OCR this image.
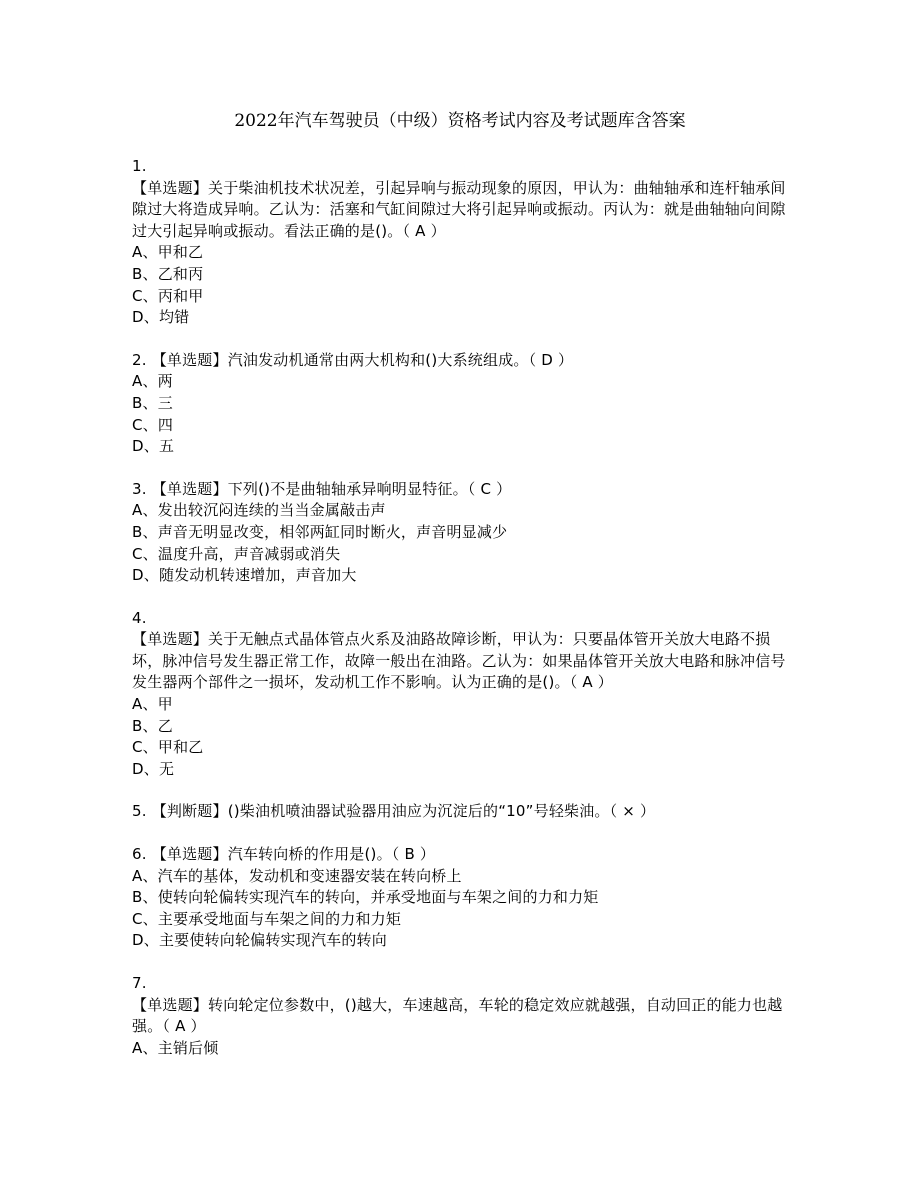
2022年汽车驾驶员（中级）资格考试内容及考试题库含答案
1.
【单选题】关于柴油机技术状况差，引起异响与振动现象的原因，甲认为：曲轴轴承和连杆轴承间隙过大将造成异响。乙认为：活塞和气缸间隙过大将引起异响或振动。丙认为：就是曲轴轴向间隙过大引起异响或振动。看法正确的是()。（ A ）
A、甲和乙
B、乙和丙
C、丙和甲
D、均错
2. 【单选题】汽油发动机通常由两大机构和()大系统组成。（ D ）
A、两
B、三
C、四
D、五
3. 【单选题】下列()不是曲轴轴承异响明显特征。（ C ）
A、发出较沉闷连续的当当金属敲击声
B、声音无明显改变，相邻两缸同时断火，声音明显减少
C、温度升高，声音减弱或消失
D、随发动机转速增加，声音加大
4.
【单选题】关于无触点式晶体管点火系及油路故障诊断，甲认为：只要晶体管开关放大电路不损坏，脉冲信号发生器正常工作，故障一般出在油路。乙认为：如果晶体管开关放大电路和脉冲信号发生器两个部件之一损坏，发动机工作不影响。认为正确的是()。（ A ）
A、甲
B、乙
C、甲和乙
D、无
5. 【判断题】()柴油机喷油器试验器用油应为沉淀后的“10”号轻柴油。（ × ）
6. 【单选题】汽车转向桥的作用是()。（ B ）
A、汽车的基体，发动机和变速器安装在转向桥上
B、使转向轮偏转实现汽车的转向，并承受地面与车架之间的力和力矩
C、主要承受地面与车架之间的力和力矩
D、主要使转向轮偏转实现汽车的转向
7.
【单选题】转向轮定位参数中，()越大，车速越高，车轮的稳定效应就越强，自动回正的能力也越强。（ A ）
A、主销后倾
